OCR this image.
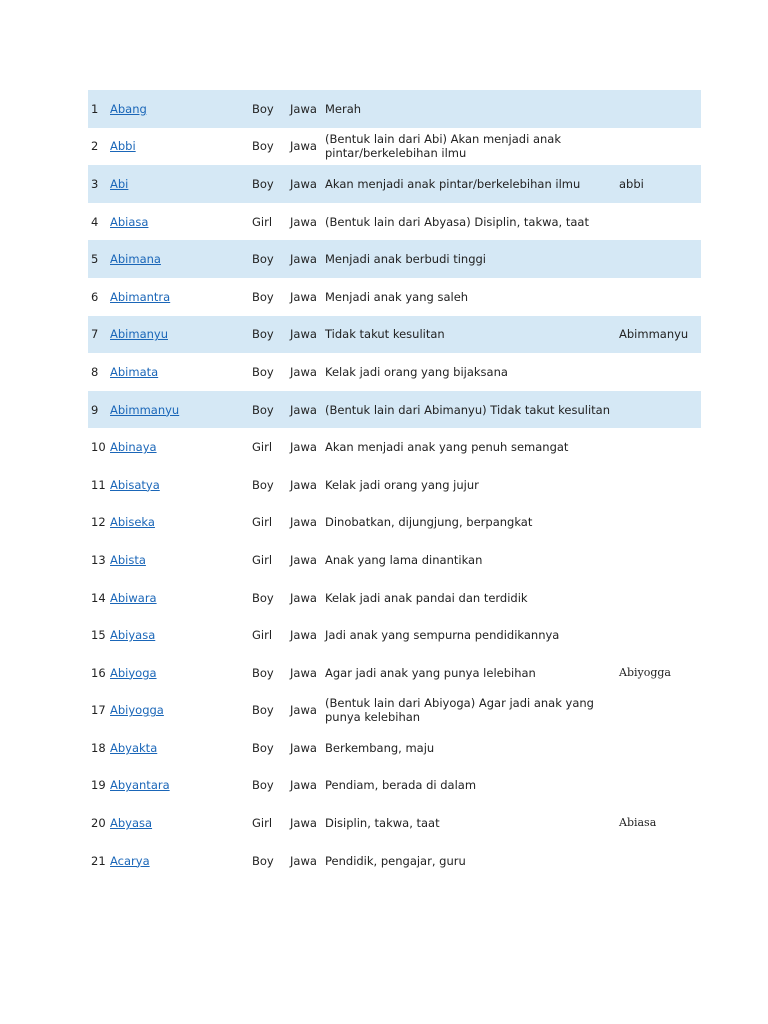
1	Abang	Boy	Jawa Merah
2	Abbi	Boy	Jawa (Bentuk lain dari Abi) Akan menjadi anak pintar/berkelebihan ilmu
3	Abi	Boy	Jawa Akan menjadi anak pintar/berkelebihan ilmu	abbi
4	Abiasa	Girl	Jawa (Bentuk lain dari Abyasa) Disiplin, takwa, taat
5	Abimana	Boy	Jawa Menjadi anak berbudi tinggi
6	Abimantra	Boy	Jawa Menjadi anak yang saleh
7	Abimanyu	Boy	Jawa Tidak takut kesulitan	Abimmanyu
8	Abimata	Boy	Jawa Kelak jadi orang yang bijaksana
9	Abimmanyu	Boy	Jawa (Bentuk lain dari Abimanyu) Tidak takut kesulitan
10 Abinaya	Girl	Jawa Akan menjadi anak yang penuh semangat
11 Abisatya	Boy	Jawa Kelak jadi orang yang jujur
12 Abiseka	Girl	Jawa Dinobatkan, dijungjung, berpangkat
13 Abista	Girl	Jawa Anak yang lama dinantikan
14 Abiwara	Boy	Jawa Kelak jadi anak pandai dan terdidik
15 Abiyasa	Girl	Jawa Jadi anak yang sempurna pendidikannya
16 Abiyoga	Boy	Jawa Agar jadi anak yang punya lelebihan	Abiyogga
17 Abiyogga	Boy	Jawa (Bentuk lain dari Abiyoga) Agar jadi anak yang punya kelebihan
18 Abyakta	Boy	Jawa Berkembang, maju
19 Abyantara	Boy	Jawa Pendiam, berada di dalam
20 Abyasa	Girl	Jawa Disiplin, takwa, taat	Abiasa
21 Acarya	Boy	Jawa Pendidik, pengajar, guru
